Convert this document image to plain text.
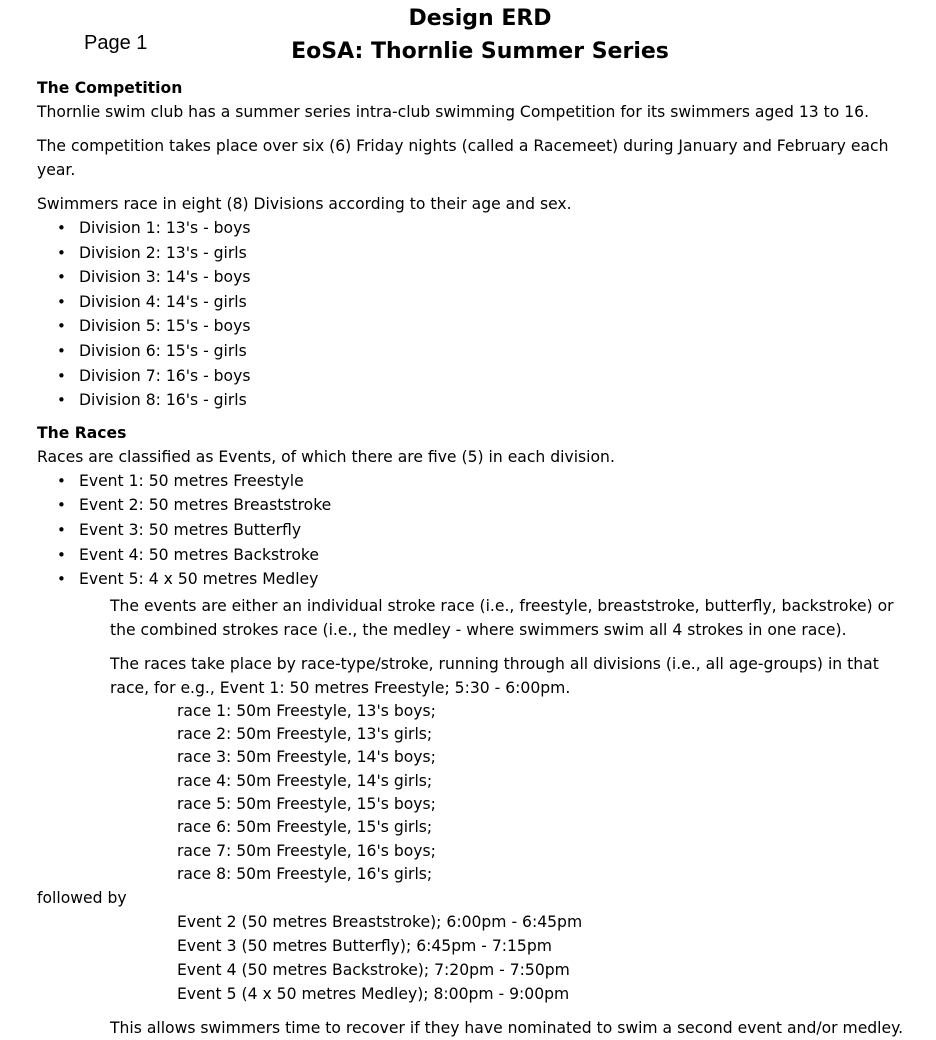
Page 1
Design ERD
EoSA: Thornlie Summer Series

The Competition

Thornlie swim club has a summer series intra-club swimming Competition for its swimmers aged 13 to 16.

The competition takes place over six (6) Friday nights (called a Racemeet) during January and February each year.

Swimmers race in eight (8) Divisions according to their age and sex.

• Division 1: 13's - boys
• Division 2: 13's - girls
• Division 3: 14's - boys
• Division 4: 14's - girls
• Division 5: 15's - boys
• Division 6: 15's - girls
• Division 7: 16's - boys
• Division 8: 16's - girls

The Races

Races are classified as Events, of which there are five (5) in each division.

• Event 1: 50 metres Freestyle
• Event 2: 50 metres Breaststroke
• Event 3: 50 metres Butterfly
• Event 4: 50 metres Backstroke
• Event 5: 4 x 50 metres Medley

The events are either an individual stroke race (i.e., freestyle, breaststroke, butterfly, backstroke) or the combined strokes race (i.e., the medley - where swimmers swim all 4 strokes in one race).

The races take place by race-type/stroke, running through all divisions (i.e., all age-groups) in that race, for e.g., Event 1: 50 metres Freestyle; 5:30 - 6:00pm.

race 1: 50m Freestyle, 13's boys;

race 2: 50m Freestyle, 13's girls;

race 3: 50m Freestyle, 14's boys;

race 4: 50m Freestyle, 14's girls;

race 5: 50m Freestyle, 15's boys;

race 6: 50m Freestyle, 15's girls;

race 7: 50m Freestyle, 16's boys;

race 8: 50m Freestyle, 16's girls;

followed by

Event 2 (50 metres Breaststroke); 6:00pm - 6:45pm

Event 3 (50 metres Butterfly); 6:45pm - 7:15pm

Event 4 (50 metres Backstroke); 7:20pm - 7:50pm

Event 5 (4 x 50 metres Medley); 8:00pm - 9:00pm

This allows swimmers time to recover if they have nominated to swim a second event and/or medley.
